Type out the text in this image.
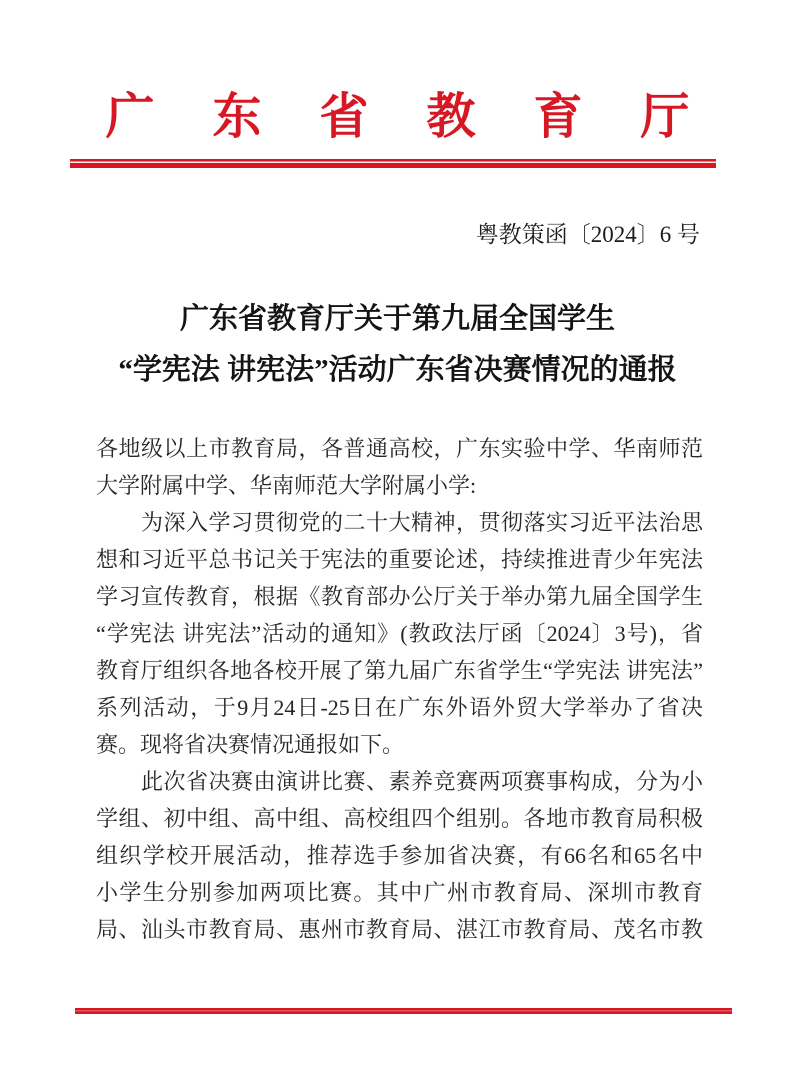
广 东 省 教 育 厅
粤教策函〔2024〕6 号
广东省教育厅关于第九届全国学生
“学宪法 讲宪法”活动广东省决赛情况的通报

各地级以上市教育局，各普通高校，广东实验中学、华南师范
大学附属中学、华南师范大学附属小学:

　　为深入学习贯彻党的二十大精神，贯彻落实习近平法治思
想和习近平总书记关于宪法的重要论述，持续推进青少年宪法
学习宣传教育，根据《教育部办公厅关于举办第九届全国学生
“学宪法 讲宪法”活动的通知》(教政法厅函〔2024〕3号)，省
教育厅组织各地各校开展了第九届广东省学生“学宪法 讲宪法”
系列活动，于9月24日-25日在广东外语外贸大学举办了省决
赛。现将省决赛情况通报如下。

　　此次省决赛由演讲比赛、素养竞赛两项赛事构成，分为小
学组、初中组、高中组、高校组四个组别。各地市教育局积极
组织学校开展活动，推荐选手参加省决赛，有66名和65名中
小学生分别参加两项比赛。其中广州市教育局、深圳市教育
局、汕头市教育局、惠州市教育局、湛江市教育局、茂名市教
